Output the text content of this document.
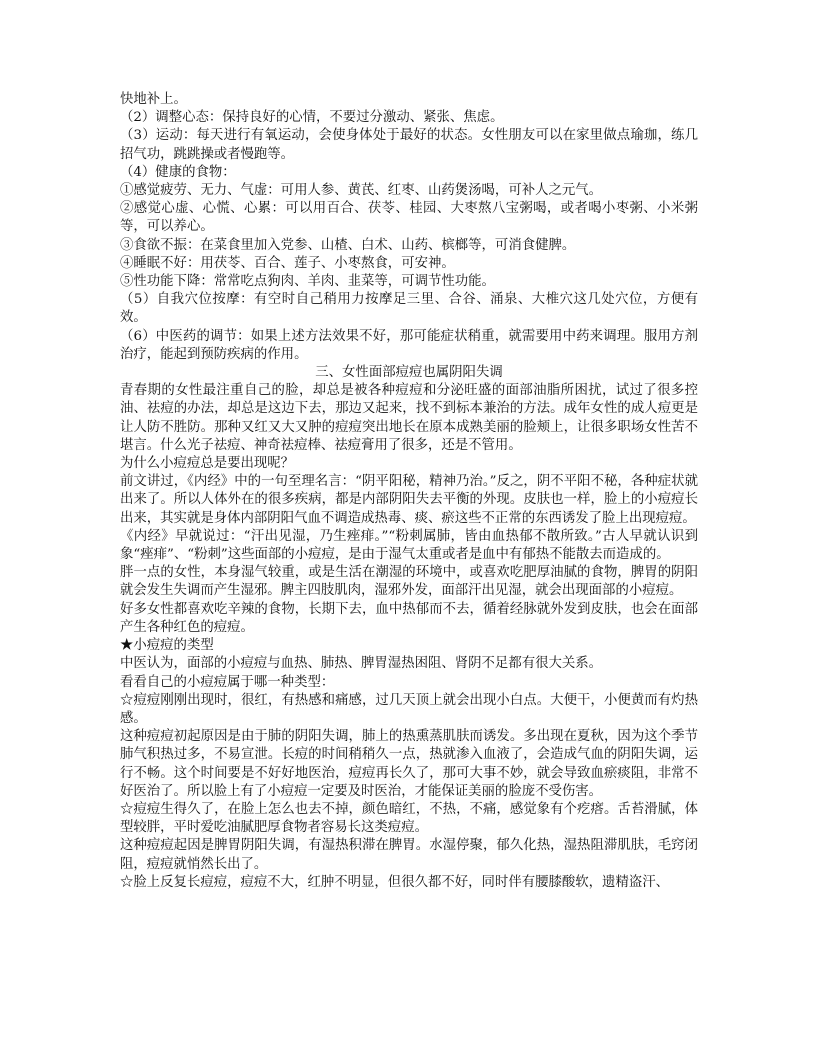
快地补上。

（2）调整心态：保持良好的心情，不要过分激动、紧张、焦虑。

（3）运动：每天进行有氧运动，会使身体处于最好的状态。女性朋友可以在家里做点瑜珈，练几招气功，跳跳操或者慢跑等。

（4）健康的食物：

①感觉疲劳、无力、气虚：可用人参、黄芪、红枣、山药煲汤喝，可补人之元气。

②感觉心虚、心慌、心累：可以用百合、茯苓、桂园、大枣熬八宝粥喝，或者喝小枣粥、小米粥等，可以养心。

③食欲不振：在菜食里加入党参、山楂、白术、山药、槟榔等，可消食健脾。

④睡眠不好：用茯苓、百合、莲子、小枣熬食，可安神。

⑤性功能下降：常常吃点狗肉、羊肉、韭菜等，可调节性功能。

（5）自我穴位按摩：有空时自己稍用力按摩足三里、合谷、涌泉、大椎穴这几处穴位，方便有效。

（6）中医药的调节：如果上述方法效果不好，那可能症状稍重，就需要用中药来调理。服用方剂治疗，能起到预防疾病的作用。

三、女性面部痘痘也属阴阳失调

青春期的女性最注重自己的脸，却总是被各种痘痘和分泌旺盛的面部油脂所困扰，试过了很多控油、祛痘的办法，却总是这边下去，那边又起来，找不到标本兼治的方法。成年女性的成人痘更是让人防不胜防。那种又红又大又肿的痘痘突出地长在原本成熟美丽的脸颊上，让很多职场女性苦不堪言。什么光子祛痘、神奇祛痘棒、祛痘膏用了很多，还是不管用。

为什么小痘痘总是要出现呢？

前文讲过，《内经》中的一句至理名言：“阴平阳秘，精神乃治。”反之，阴不平阳不秘，各种症状就出来了。所以人体外在的很多疾病，都是内部阴阳失去平衡的外现。皮肤也一样，脸上的小痘痘长出来，其实就是身体内部阴阳气血不调造成热毒、痰、瘀这些不正常的东西诱发了脸上出现痘痘。

《内经》早就说过：“汗出见湿，乃生痤痱。”“粉刺属肺，皆由血热郁不散所致。”古人早就认识到象“痤痱”、“粉刺”这些面部的小痘痘，是由于湿气太重或者是血中有郁热不能散去而造成的。

胖一点的女性，本身湿气较重，或是生活在潮湿的环境中，或喜欢吃肥厚油腻的食物，脾胃的阴阳就会发生失调而产生湿邪。脾主四肢肌肉，湿邪外发，面部汗出见湿，就会出现面部的小痘痘。

好多女性都喜欢吃辛辣的食物，长期下去，血中热郁而不去，循着经脉就外发到皮肤，也会在面部产生各种红色的痘痘。

★小痘痘的类型

中医认为，面部的小痘痘与血热、肺热、脾胃湿热困阻、肾阴不足都有很大关系。

看看自己的小痘痘属于哪一种类型：

☆痘痘刚刚出现时，很红，有热感和痛感，过几天顶上就会出现小白点。大便干，小便黄而有灼热感。

这种痘痘初起原因是由于肺的阴阳失调，肺上的热熏蒸肌肤而诱发。多出现在夏秋，因为这个季节肺气积热过多，不易宣泄。长痘的时间稍稍久一点，热就渗入血液了，会造成气血的阴阳失调，运行不畅。这个时间要是不好好地医治，痘痘再长久了，那可大事不妙，就会导致血瘀痰阻，非常不好医治了。所以脸上有了小痘痘一定要及时医治，才能保证美丽的脸庞不受伤害。

☆痘痘生得久了，在脸上怎么也去不掉，颜色暗红，不热，不痛，感觉象有个疙瘩。舌苔滑腻，体型较胖，平时爱吃油腻肥厚食物者容易长这类痘痘。

这种痘痘起因是脾胃阴阳失调，有湿热积滞在脾胃。水湿停聚，郁久化热，湿热阻滞肌肤，毛窍闭阻，痘痘就悄然长出了。

☆脸上反复长痘痘，痘痘不大，红肿不明显，但很久都不好，同时伴有腰膝酸软，遗精盗汗、
